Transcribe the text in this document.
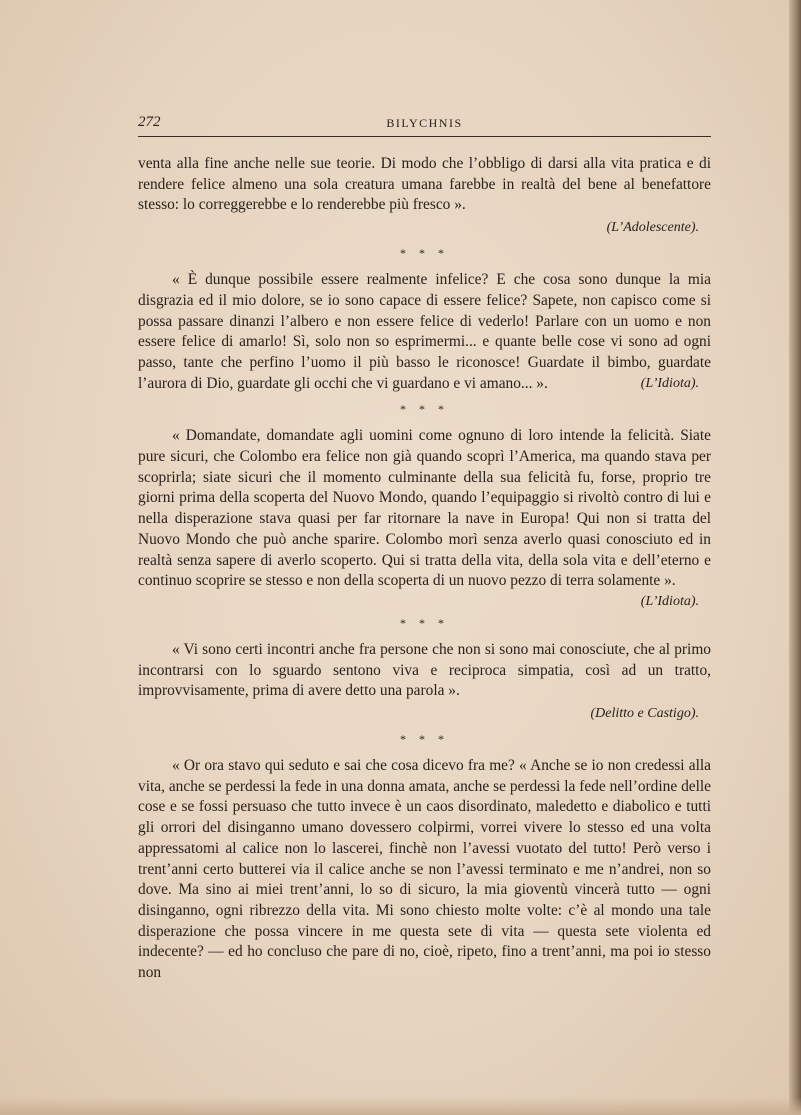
272	BILYCHNIS

venta alla fine anche nelle sue teorie. Di modo che l’obbligo di darsi alla vita pratica e di rendere felice almeno una sola creatura umana farebbe in realtà del bene al benefattore stesso: lo correggerebbe e lo renderebbe più fresco ».

(L’Adolescente).
* * *

« È dunque possibile essere realmente infelice? E che cosa sono dunque la mia disgrazia ed il mio dolore, se io sono capace di essere felice? Sapete, non capisco come si possa passare dinanzi l’albero e non essere felice di vederlo! Parlare con un uomo e non essere felice di amarlo! Sì, solo non so esprimermi... e quante belle cose vi sono ad ogni passo, tante che perfino l’uomo il più basso le riconosce! Guardate il bimbo, guardate l’aurora di Dio, guardate gli occhi che vi guardano e vi amano... ».	(L’Idiota).

* * *

« Domandate, domandate agli uomini come ognuno di loro intende la felicità. Siate pure sicuri, che Colombo era felice non già quando scoprì l’America, ma quando stava per scoprirla; siate sicuri che il momento culminante della sua felicità fu, forse, proprio tre giorni prima della scoperta del Nuovo Mondo, quando l’equipaggio si rivoltò contro di lui e nella disperazione stava quasi per far ritornare la nave in Europa! Qui non si tratta del Nuovo Mondo che può anche sparire. Colombo morì senza averlo quasi conosciuto ed in realtà senza sapere di averlo scoperto. Qui si tratta della vita, della sola vita e dell’eterno e continuo scoprire se stesso e non della scoperta di un nuovo pezzo di terra solamente ».
(L’Idiota).

* * *

« Vi sono certi incontri anche fra persone che non si sono mai conosciute, che al primo incontrarsi con lo sguardo sentono viva e reciproca simpatia, così ad un tratto, improvvisamente, prima di avere detto una parola ».

(Delitto e Castigo).
* * *

« Or ora stavo qui seduto e sai che cosa dicevo fra me? « Anche se io non credessi alla vita, anche se perdessi la fede in una donna amata, anche se perdessi la fede nell’ordine delle cose e se fossi persuaso che tutto invece è un caos disordinato, maledetto e diabolico e tutti gli orrori del disinganno umano dovessero colpirmi, vorrei vivere lo stesso ed una volta appressatomi al calice non lo lascerei, finchè non l’avessi vuotato del tutto! Però verso i trent’anni certo butterei via il calice anche se non l’avessi terminato e me n’andrei, non so dove. Ma sino ai miei trent’anni, lo so di sicuro, la mia gioventù vincerà tutto — ogni disinganno, ogni ribrezzo della vita. Mi sono chiesto molte volte: c’è al mondo una tale disperazione che possa vincere in me questa sete di vita — questa sete violenta ed indecente? — ed ho concluso che pare di no, cioè, ripeto, fino a trent’anni, ma poi io stesso non
